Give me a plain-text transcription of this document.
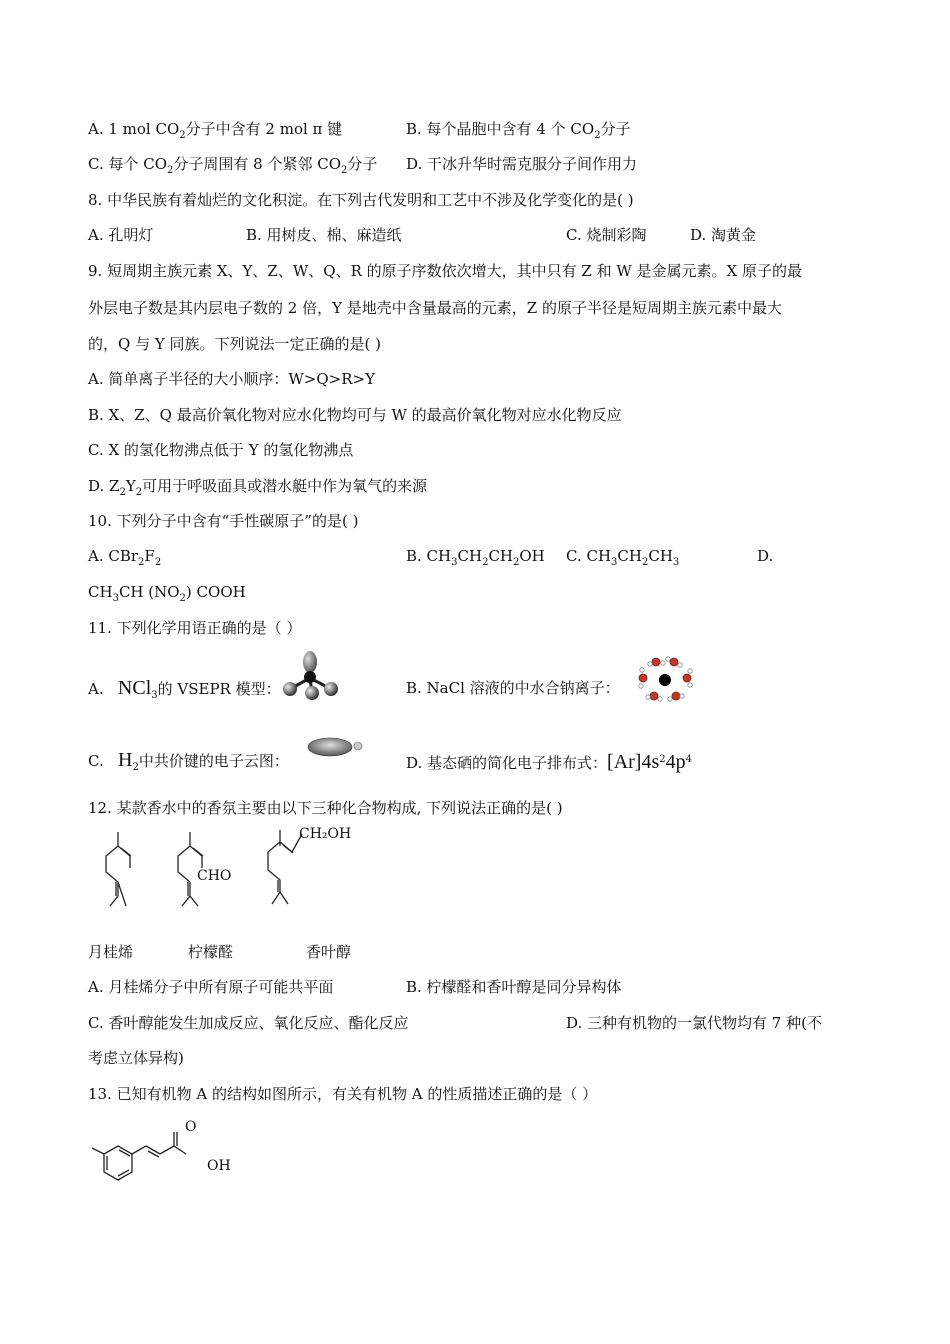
A. 1 mol $CO_2$分子中含有 2 mol π 键	B. 每个晶胞中含有 4 个 $CO_2$分子
C. 每个 $CO_2$分子周围有 8 个紧邻 $CO_2$分子 D. 干冰升华时需克服分子间作用力
8. 中华民族有着灿烂的文化积淀。在下列古代发明和工艺中不涉及化学变化的是( )
A. 孔明灯	B. 用树皮、棉、麻造纸	C. 烧制彩陶	D. 淘黄金
9. 短周期主族元素 X、Y、Z、W、Q、R 的原子序数依次增大，其中只有 Z 和 W 是金属元素。X 原子的最
外层电子数是其内层电子数的 2 倍，Y 是地壳中含量最高的元素，Z 的原子半径是短周期主族元素中最大
的，Q 与 Y 同族。下列说法一定正确的是( )
A. 简单离子半径的大小顺序：W>Q>R>Y
B. X、Z、Q 最高价氧化物对应水化物均可与 W 的最高价氧化物对应水化物反应
C. X 的氢化物沸点低于 Y 的氢化物沸点
D. $Z_2Y_2$可用于呼吸面具或潜水艇中作为氧气的来源
10. 下列分子中含有“手性碳原子”的是( )
A. $CBr_2F_2$	B. $CH_3CH_2CH_2OH$ C. $CH_3CH_2CH_3$	D.
$CH_3CH$ $(NO_2)$ COOH
11. 下列化学用语正确的是（ ）
A. NCl$_3$的 VSEPR 模型：	B. NaCl 溶液的中水合钠离子：
C. $H_2$中共价键的电子云图：	D. 基态硒的简化电子排布式：$[Ar]4s^24p^4$
12. 某款香水中的香氛主要由以下三种化合物构成, 下列说法正确的是( )
CHO
CH₂OH
月桂烯	柠檬醛	香叶醇
A. 月桂烯分子中所有原子可能共平面	B. 柠檬醛和香叶醇是同分异构体
C. 香叶醇能发生加成反应、氧化反应、酯化反应	D. 三种有机物的一氯代物均有 7 种(不
考虑立体异构)
13. 已知有机物 A 的结构如图所示，有关有机物 A 的性质描述正确的是（ ）
O
OH
